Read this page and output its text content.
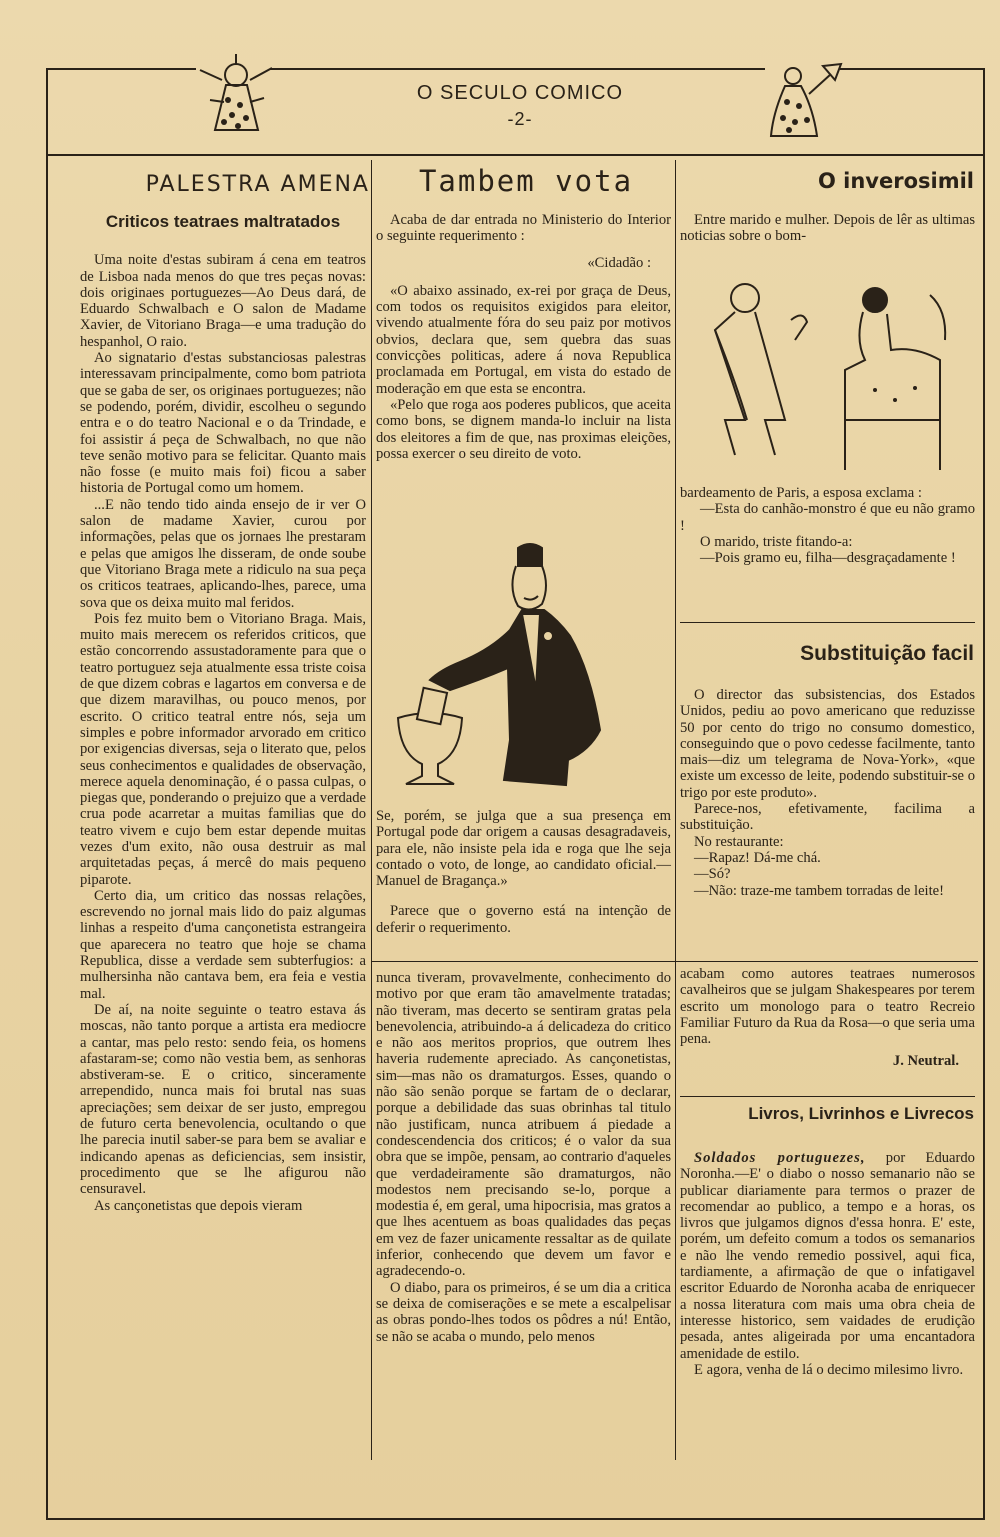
O SECULO COMICO
-2-
PALESTRA AMENA	Tambem vota	O inverosimil
Criticos teatraes maltratados

Uma noite d'estas subiram á cena em teatros de Lisboa nada menos do que tres peças novas: dois originaes portuguezes—Ao Deus dará, de Eduardo Schwalbach e O salon de Madame Xavier, de Vitoriano Braga—e uma tradução do hespanhol, O raio.

Ao signatario d'estas substanciosas palestras interessavam principalmente, como bom patriota que se gaba de ser, os originaes portuguezes; não se podendo, porém, dividir, escolheu o segundo entra e o do teatro Nacional e o da Trindade, e foi assistir á peça de Schwalbach, no que não teve senão motivo para se felicitar. Quanto mais não fosse (e muito mais foi) ficou a saber historia de Portugal como um homem.

...E não tendo tido ainda ensejo de ir ver O salon de madame Xavier, curou por informações, pelas que os jornaes lhe prestaram e pelas que amigos lhe disseram, de onde soube que Vitoriano Braga mete a ridiculo na sua peça os criticos teatraes, aplicando-lhes, parece, uma sova que os deixa muito mal feridos.

Pois fez muito bem o Vitoriano Braga. Mais, muito mais merecem os referidos criticos, que estão concorrendo assustadoramente para que o teatro portuguez seja atualmente essa triste coisa de que dizem cobras e lagartos em conversa e de que dizem maravilhas, ou pouco menos, por escrito. O critico teatral entre nós, seja um simples e pobre informador arvorado em critico por exigencias diversas, seja o literato que, pelos seus conhecimentos e qualidades de observação, merece aquela denominação, é o passa culpas, o piegas que, ponderando o prejuizo que a verdade crua pode acarretar a muitas familias que do teatro vivem e cujo bem estar depende muitas vezes d'um exito, não ousa destruir as mal arquitetadas peças, á mercê do mais pequeno piparote.

Certo dia, um critico das nossas relações, escrevendo no jornal mais lido do paiz algumas linhas a respeito d'uma cançonetista estrangeira que aparecera no teatro que hoje se chama Republica, disse a verdade sem subterfugios: a mulhersinha não cantava bem, era feia e vestia mal.

De aí, na noite seguinte o teatro estava ás moscas, não tanto porque a artista era mediocre a cantar, mas pelo resto: sendo feia, os homens afastaram-se; como não vestia bem, as senhoras abstiveram-se. E o critico, sinceramente arrependido, nunca mais foi brutal nas suas apreciações; sem deixar de ser justo, empregou de futuro certa benevolencia, ocultando o que lhe parecia inutil saber-se para bem se avaliar e indicando apenas as deficiencias, sem insistir, procedimento que se lhe afigurou não censuravel.

As cançonetistas que depois vieram

Acaba de dar entrada no Ministerio do Interior o seguinte requerimento :

«Cidadão :

«O abaixo assinado, ex-rei por graça de Deus, com todos os requisitos exigidos para eleitor, vivendo atualmente fóra do seu paiz por motivos obvios, declara que, sem quebra das suas convicções politicas, adere á nova Republica proclamada em Portugal, em vista do estado de moderação em que esta se encontra.

«Pelo que roga aos poderes publicos, que aceita como bons, se dignem manda-lo incluir na lista dos eleitores a fim de que, nas proximas eleições, possa exercer o seu direito de voto.

Se, porém, se julga que a sua presença em Portugal pode dar origem a causas desagradaveis, para ele, não insiste pela ida e roga que lhe seja contado o voto, de longe, ao candidato oficial.—Manuel de Bragança.»

Parece que o governo está na intenção de deferir o requerimento.

nunca tiveram, provavelmente, conhecimento do motivo por que eram tão amavelmente tratadas; não tiveram, mas decerto se sentiram gratas pela benevolencia, atribuindo-a á delicadeza do critico e não aos meritos proprios, que outrem lhes haveria rudemente apreciado. As cançonetistas, sim—mas não os dramaturgos. Esses, quando o não são senão porque se fartam de o declarar, porque a debilidade das suas obrinhas tal titulo não justificam, nunca atribuem á piedade a condescendencia dos criticos; é o valor da sua obra que se impõe, pensam, ao contrario d'aqueles que verdadeiramente são dramaturgos, não modestos nem precisando se-lo, porque a modestia é, em geral, uma hipocrisia, mas gratos a que lhes acentuem as boas qualidades das peças em vez de fazer unicamente ressaltar as de quilate inferior, conhecendo que devem um favor e agradecendo-o.

O diabo, para os primeiros, é se um dia a critica se deixa de comiserações e se mete a escalpelisar as obras pondo-lhes todos os pôdres a nú! Então, se não se acaba o mundo, pelo menos

Entre marido e mulher. Depois de lêr as ultimas noticias sobre o bom-

bardeamento de Paris, a esposa exclama :

—Esta do canhão-monstro é que eu não gramo !

O marido, triste fitando-a:

—Pois gramo eu, filha—desgraçadamente !

Substituição facil

O director das subsistencias, dos Estados Unidos, pediu ao povo americano que reduzisse 50 por cento do trigo no consumo domestico, conseguindo que o povo cedesse facilmente, tanto mais—diz um telegrama de Nova-York», «que existe um excesso de leite, podendo substituir-se o trigo por este produto».

Parece-nos, efetivamente, facilima a substituição.

No restaurante:

—Rapaz! Dá-me chá.

—Só?

—Não: traze-me tambem torradas de leite!

acabam como autores teatraes numerosos cavalheiros que se julgam Shakespeares por terem escrito um monologo para o teatro Recreio Familiar Futuro da Rua da Rosa—o que seria uma pena.

J. Neutral.
Livros, Livrinhos e Livrecos

Soldados portuguezes, por Eduardo Noronha.—E' o diabo o nosso semanario não se publicar diariamente para termos o prazer de recomendar ao publico, a tempo e a horas, os livros que julgamos dignos d'essa honra. E' este, porém, um defeito comum a todos os semanarios e não lhe vendo remedio possivel, aqui fica, tardiamente, a afirmação de que o infatigavel escritor Eduardo de Noronha acaba de enriquecer a nossa literatura com mais uma obra cheia de interesse historico, sem vaidades de erudição pesada, antes aligeirada por uma encantadora amenidade de estilo.

E agora, venha de lá o decimo milesimo livro.
